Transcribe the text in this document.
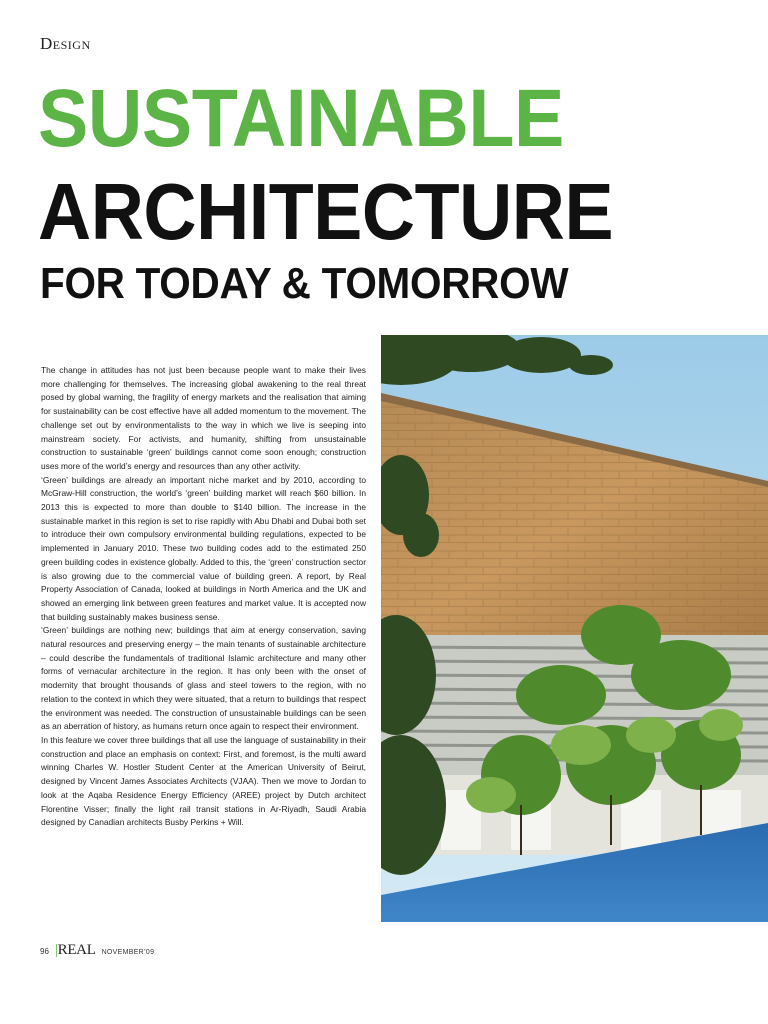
Design
SUSTAINABLE
ARCHITECTURE
FOR TODAY & TOMORROW

The change in attitudes has not just been because people want to make their lives more challenging for themselves. The increasing global awakening to the real threat posed by global warning, the fragility of energy markets and the realisation that aiming for sustainability can be cost effective have all added momentum to the movement. The challenge set out by environmentalists to the way in which we live is seeping into mainstream society. For activists, and humanity, shifting from unsustainable construction to sustainable ‘green’ buildings cannot come soon enough; construction uses more of the world’s energy and resources than any other activity.

‘Green’ buildings are already an important niche market and by 2010, according to McGraw-Hill construction, the world’s ‘green’ building market will reach $60 billion. In 2013 this is expected to more than double to $140 billion. The increase in the sustainable market in this region is set to rise rapidly with Abu Dhabi and Dubai both set to introduce their own compulsory environmental building regulations, expected to be implemented in January 2010. These two building codes add to the estimated 250 green building codes in existence globally. Added to this, the ‘green’ construction sector is also growing due to the commercial value of building green. A report, by Real Property Association of Canada, looked at buildings in North America and the UK and showed an emerging link between green features and market value. It is accepted now that building sustainably makes business sense.

‘Green’ buildings are nothing new; buildings that aim at energy conservation, saving natural resources and preserving energy – the main tenants of sustainable architecture – could describe the fundamentals of traditional Islamic architecture and many other forms of vernacular architecture in the region. It has only been with the onset of modernity that brought thousands of glass and steel towers to the region, with no relation to the context in which they were situated, that a return to buildings that respect the environment was needed. The construction of unsustainable buildings can be seen as an aberration of history, as humans return once again to respect their environment.

In this feature we cover three buildings that all use the language of sustainability in their construction and place an emphasis on context: First, and foremost, is the multi award winning Charles W. Hostler Student Center at the American University of Beirut, designed by Vincent James Associates Architects (VJAA). Then we move to Jordan to look at the Aqaba Residence Energy Efficiency (AREE) project by Dutch architect Florentine Visser; finally the light rail transit stations in Ar-Riyadh, Saudi Arabia designed by Canadian architects Busby Perkins + Will.

96 |REAL NOVEMBER’09
